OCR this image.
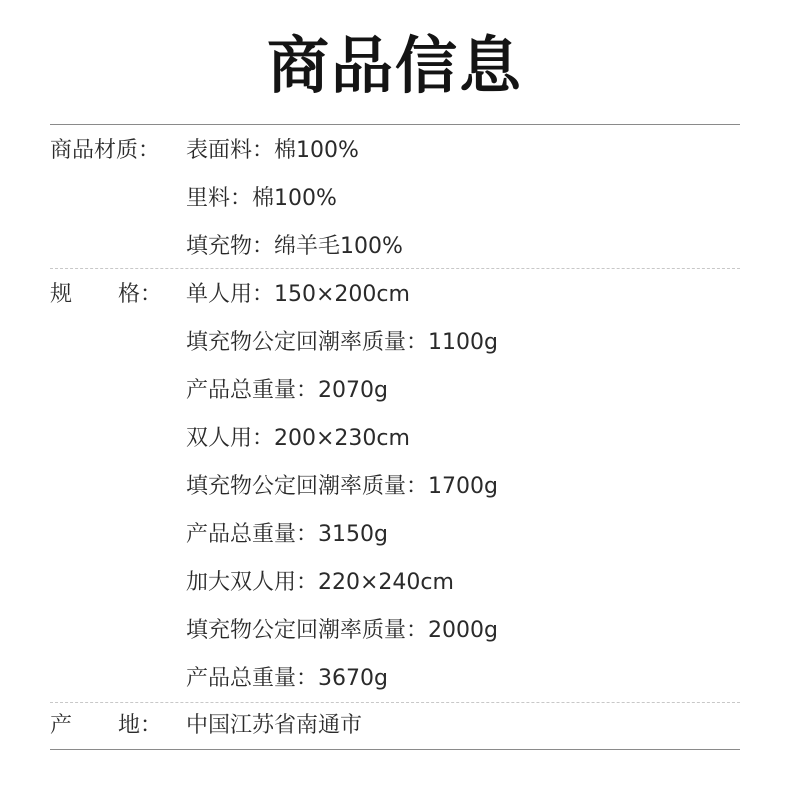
商品信息
商品材质： 表面料：棉100%
里料：棉100%
填充物：绵羊毛100%
规 格： 单人用：150×200cm
填充物公定回潮率质量：1100g
产品总重量：2070g
双人用：200×230cm
填充物公定回潮率质量：1700g
产品总重量：3150g
加大双人用：220×240cm
填充物公定回潮率质量：2000g
产品总重量：3670g
产 地： 中国江苏省南通市
